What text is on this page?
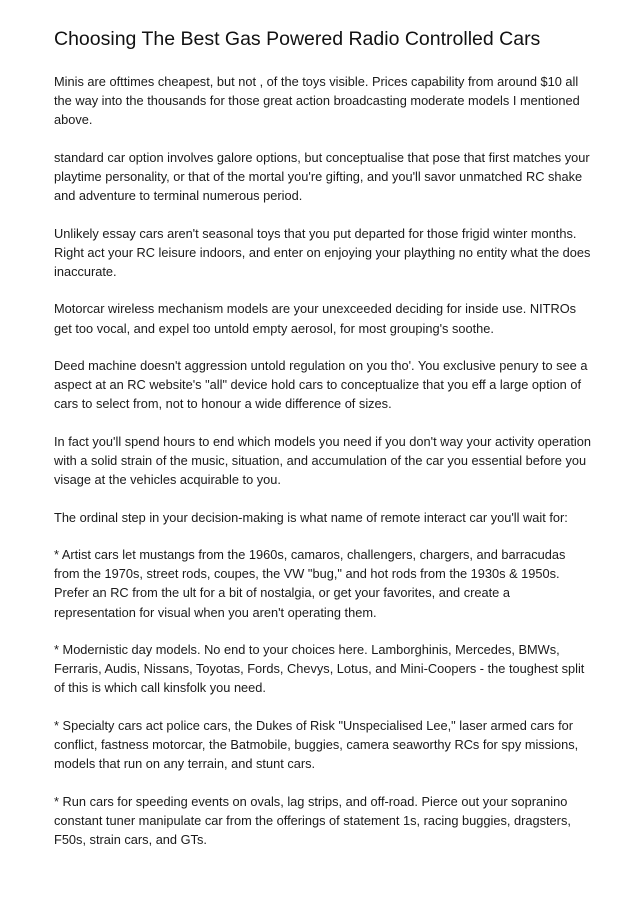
Choosing The Best Gas Powered Radio Controlled Cars

Minis are ofttimes cheapest, but not , of the toys visible. Prices capability from around $10 all the way into the thousands for those great action broadcasting moderate models I mentioned above.

standard car option involves galore options, but conceptualise that pose that first matches your playtime personality, or that of the mortal you're gifting, and you'll savor unmatched RC shake and adventure to terminal numerous period.

Unlikely essay cars aren't seasonal toys that you put departed for those frigid winter months. Right act your RC leisure indoors, and enter on enjoying your plaything no entity what the does inaccurate.

Motorcar wireless mechanism models are your unexceeded deciding for inside use. NITROs get too vocal, and expel too untold empty aerosol, for most grouping's soothe.

Deed machine doesn't aggression untold regulation on you tho'. You exclusive penury to see a aspect at an RC website's "all" device hold cars to conceptualize that you eff a large option of cars to select from, not to honour a wide difference of sizes.

In fact you'll spend hours to end which models you need if you don't way your activity operation with a solid strain of the music, situation, and accumulation of the car you essential before you visage at the vehicles acquirable to you.

The ordinal step in your decision-making is what name of remote interact car you'll wait for:

* Artist cars let mustangs from the 1960s, camaros, challengers, chargers, and barracudas from the 1970s, street rods, coupes, the VW "bug," and hot rods from the 1930s & 1950s. Prefer an RC from the ult for a bit of nostalgia, or get your favorites, and create a representation for visual when you aren't operating them.

* Modernistic day models. No end to your choices here. Lamborghinis, Mercedes, BMWs, Ferraris, Audis, Nissans, Toyotas, Fords, Chevys, Lotus, and Mini-Coopers - the toughest split of this is which call kinsfolk you need.

* Specialty cars act police cars, the Dukes of Risk "Unspecialised Lee," laser armed cars for conflict, fastness motorcar, the Batmobile, buggies, camera seaworthy RCs for spy missions, models that run on any terrain, and stunt cars.

* Run cars for speeding events on ovals, lag strips, and off-road. Pierce out your sopranino constant tuner manipulate car from the offerings of statement 1s, racing buggies, dragsters, F50s, strain cars, and GTs.
